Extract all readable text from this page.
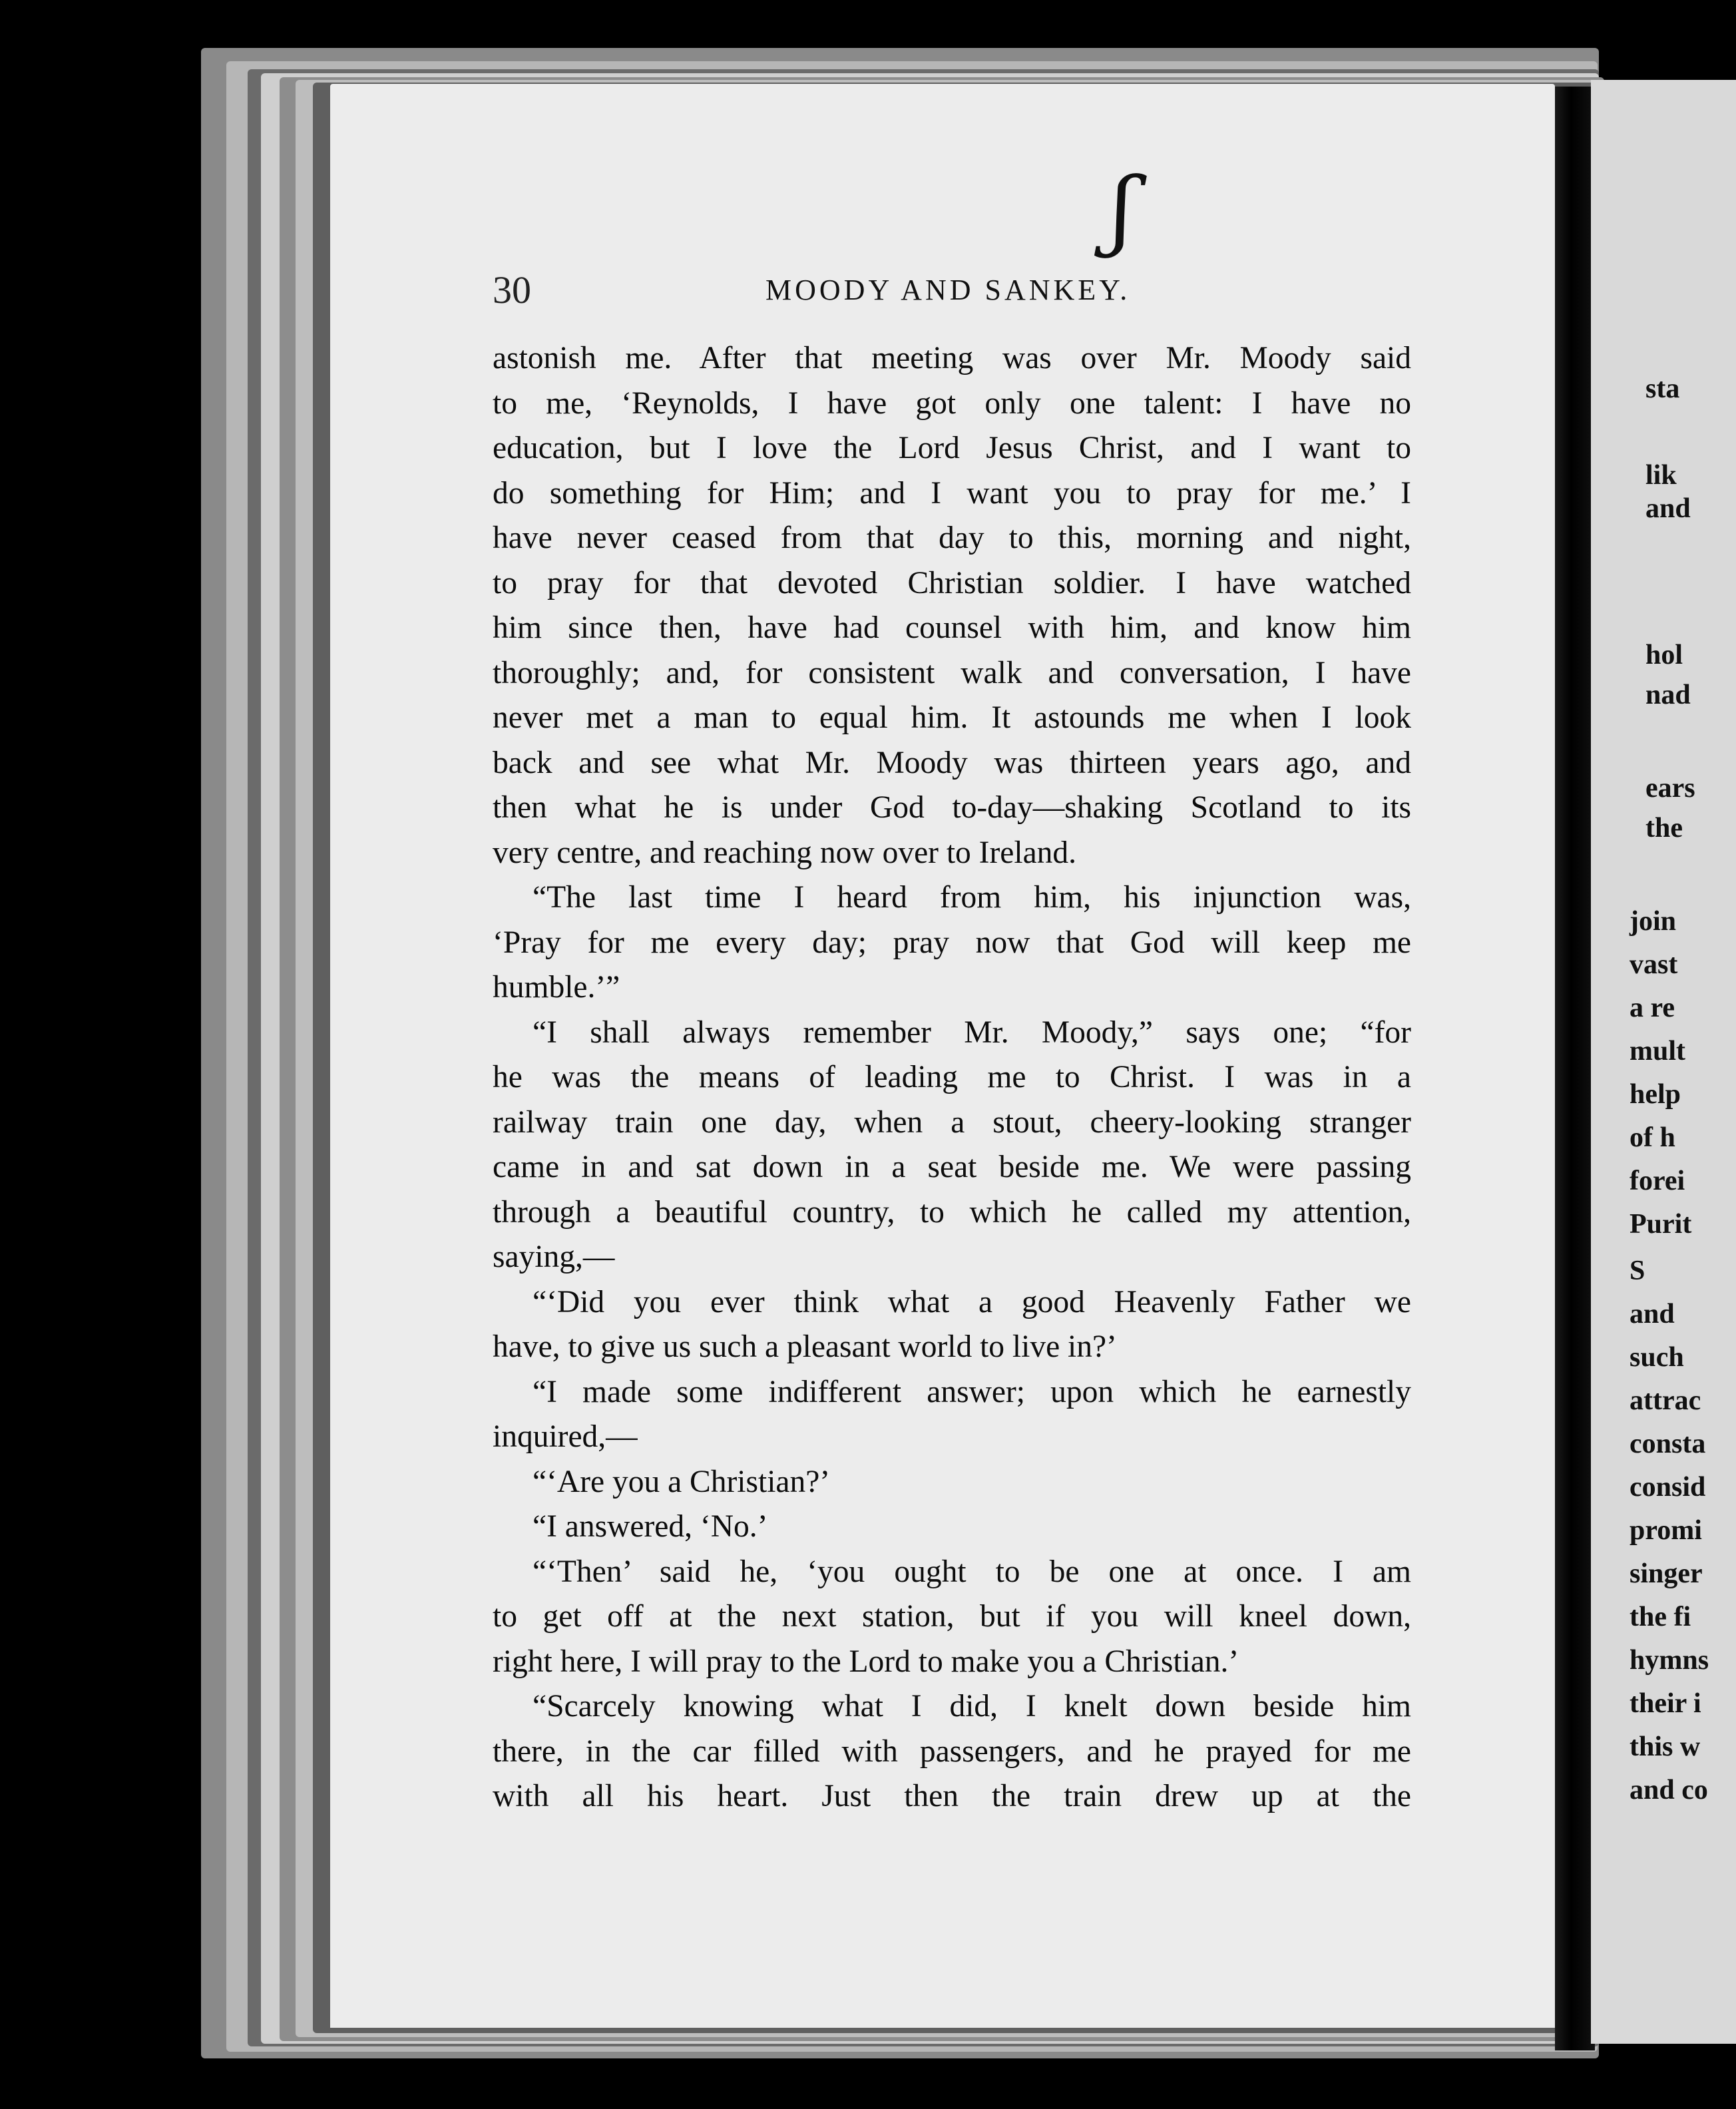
ʃ
30	MOODY AND SANKEY.
astonish me. After that meeting was over Mr. Moody said
to me, ‘Reynolds, I have got only one talent: I have no
education, but I love the Lord Jesus Christ, and I want to
do something for Him; and I want you to pray for me.’ I
have never ceased from that day to this, morning and night,
to pray for that devoted Christian soldier. I have watched
him since then, have had counsel with him, and know him
thoroughly; and, for consistent walk and conversation, I have
never met a man to equal him. It astounds me when I look
back and see what Mr. Moody was thirteen years ago, and
then what he is under God to-day—shaking Scotland to its
very centre, and reaching now over to Ireland.
“The last time I heard from him, his injunction was,
‘Pray for me every day; pray now that God will keep me
humble.’”
“I shall always remember Mr. Moody,” says one; “for
he was the means of leading me to Christ. I was in a
railway train one day, when a stout, cheery-looking stranger
came in and sat down in a seat beside me. We were passing
through a beautiful country, to which he called my attention,
saying,—
“‘Did you ever think what a good Heavenly Father we
have, to give us such a pleasant world to live in?’
“I made some indifferent answer; upon which he earnestly
inquired,—
“‘Are you a Christian?’
“I answered, ‘No.’
“‘Then’ said he, ‘you ought to be one at once. I am
to get off at the next station, but if you will kneel down,
right here, I will pray to the Lord to make you a Christian.’
“Scarcely knowing what I did, I knelt down beside him
there, in the car filled with passengers, and he prayed for me
with all his heart. Just then the train drew up at the
sta
lik
and
hol
nad
ears
the
join
vast
a re
mult
help
of h
forei
Purit
S
and
such
attrac
consta
consid
promi
singer
the fi
hymns
their i
this w
and co
